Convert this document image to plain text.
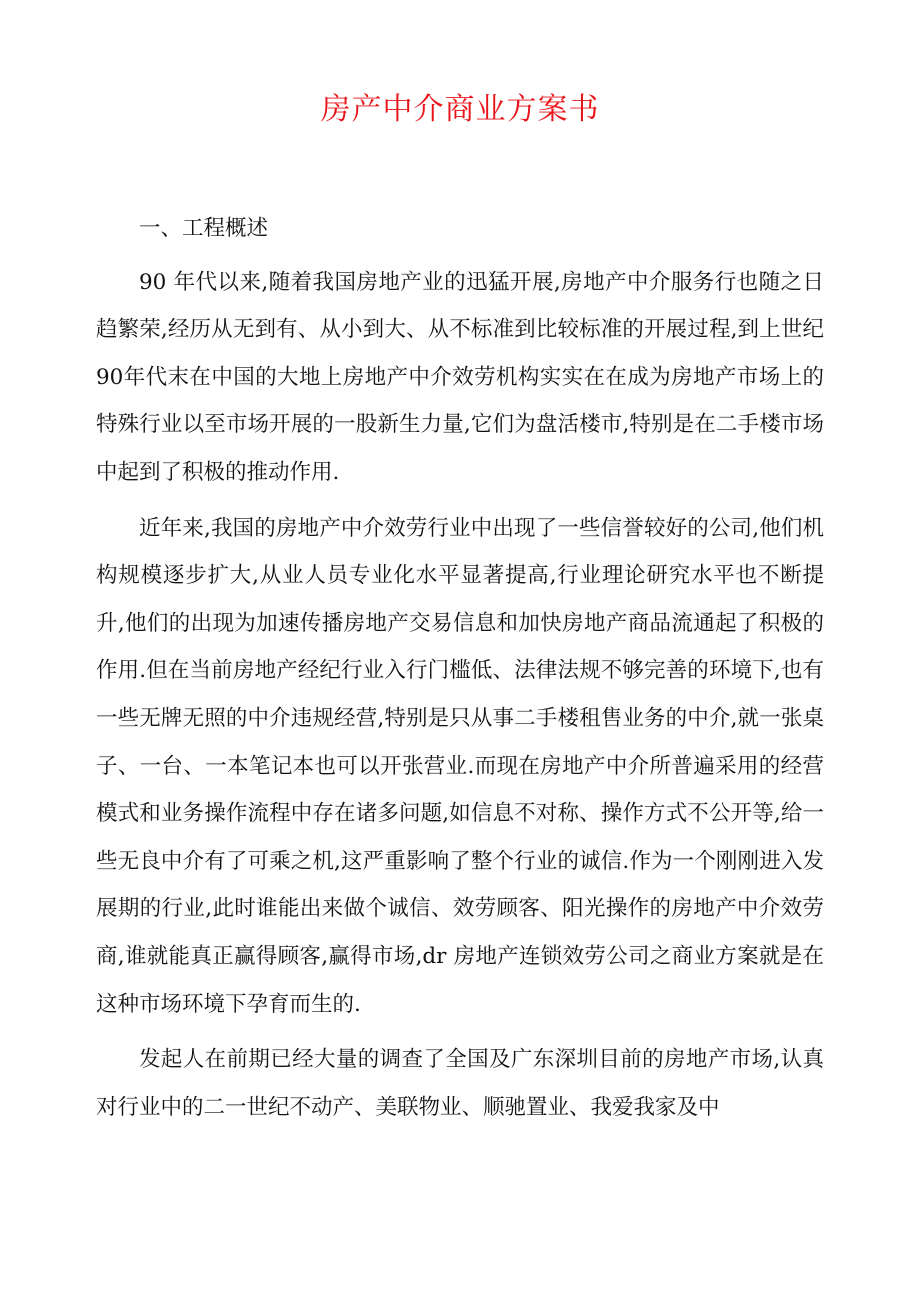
房产中介商业方案书

一、工程概述

90 年代以来,随着我国房地产业的迅猛开展,房地产中介服务行也随之日趋繁荣,经历从无到有、从小到大、从不标准到比较标准的开展过程,到上世纪90年代末在中国的大地上房地产中介效劳机构实实在在成为房地产市场上的特殊行业以至市场开展的一股新生力量,它们为盘活楼市,特别是在二手楼市场中起到了积极的推动作用.

近年来,我国的房地产中介效劳行业中出现了一些信誉较好的公司,他们机构规模逐步扩大,从业人员专业化水平显著提高,行业理论研究水平也不断提升,他们的出现为加速传播房地产交易信息和加快房地产商品流通起了积极的作用.但在当前房地产经纪行业入行门槛低、法律法规不够完善的环境下,也有一些无牌无照的中介违规经营,特别是只从事二手楼租售业务的中介,就一张桌子、一台、一本笔记本也可以开张营业.而现在房地产中介所普遍采用的经营模式和业务操作流程中存在诸多问题,如信息不对称、操作方式不公开等,给一些无良中介有了可乘之机,这严重影响了整个行业的诚信.作为一个刚刚进入发展期的行业,此时谁能出来做个诚信、效劳顾客、阳光操作的房地产中介效劳商,谁就能真正赢得顾客,赢得市场,dr 房地产连锁效劳公司之商业方案就是在这种市场环境下孕育而生的.

发起人在前期已经大量的调查了全国及广东深圳目前的房地产市场,认真对行业中的二一世纪不动产、美联物业、顺驰置业、我爱我家及中
